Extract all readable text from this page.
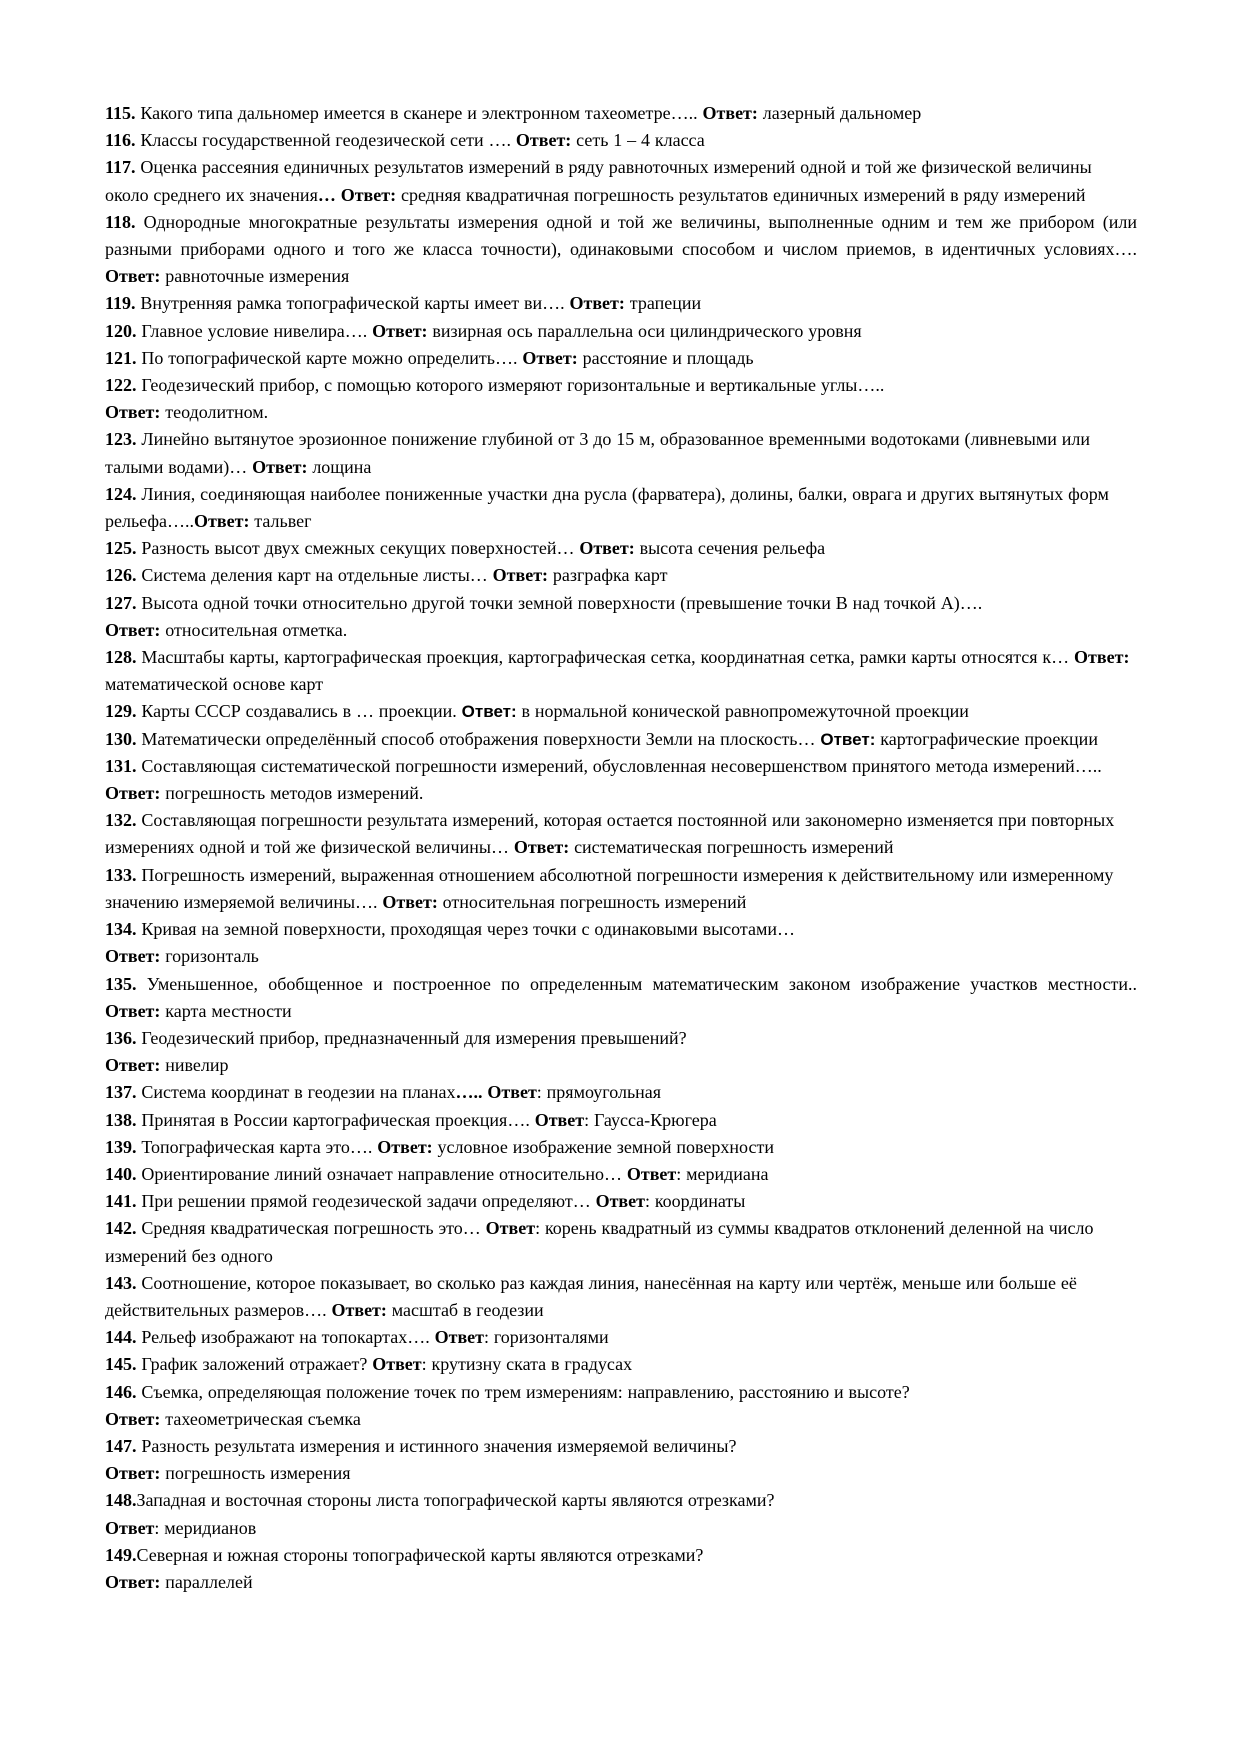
115. Какого типа дальномер имеется в сканере и электронном тахеометре….. Ответ: лазерный дальномер

116. Классы государственной геодезической сети …. Ответ: сеть 1 – 4 класса

117. Оценка рассеяния единичных результатов измерений в ряду равноточных измерений одной и той же физической величины около среднего их значения… Ответ: средняя квадратичная погрешность результатов единичных измерений в ряду измерений

118. Однородные многократные результаты измерения одной и той же величины, выполненные одним и тем же прибором (или разными приборами одного и того же класса точности), одинаковыми способом и числом приемов, в идентичных условиях…. Ответ: равноточные измерения

119. Внутренняя рамка топографической карты имеет ви…. Ответ: трапеции

120. Главное условие нивелира…. Ответ: визирная ось параллельна оси цилиндрического уровня

121. По топографической карте можно определить…. Ответ: расстояние и площадь

122. Геодезический прибор, с помощью которого измеряют горизонтальные и вертикальные углы…..
Ответ: теодолитном.

123. Линейно вытянутое эрозионное понижение глубиной от 3 до 15 м, образованное временными водотоками (ливневыми или талыми водами)… Ответ: лощина

124. Линия, соединяющая наиболее пониженные участки дна русла (фарватера), долины, балки, оврага и других вытянутых форм рельефа…..Ответ: тальвег

125. Разность высот двух смежных секущих поверхностей… Ответ: высота сечения рельефа

126. Система деления карт на отдельные листы… Ответ: разграфка карт

127. Высота одной точки относительно другой точки земной поверхности (превышение точки В над точкой А)….
Ответ: относительная отметка.

128. Масштабы карты, картографическая проекция, картографическая сетка, координатная сетка, рамки карты относятся к… Ответ: математической основе карт

129. Карты СССР создавались в … проекции. Ответ: в нормальной конической равнопромежуточной проекции

130. Математически определённый способ отображения поверхности Земли на плоскость… Ответ: картографические проекции

131. Составляющая систематической погрешности измерений, обусловленная несовершенством принятого метода измерений….. Ответ: погрешность методов измерений.

132. Составляющая погрешности результата измерений, которая остается постоянной или закономерно изменяется при повторных измерениях одной и той же физической величины… Ответ: систематическая погрешность измерений

133. Погрешность измерений, выраженная отношением абсолютной погрешности измерения к действительному или измеренному значению измеряемой величины…. Ответ: относительная погрешность измерений

134. Кривая на земной поверхности, проходящая через точки с одинаковыми высотами…
Ответ: горизонталь

135. Уменьшенное, обобщенное и построенное по определенным математическим законом изображение участков местности.. Ответ: карта местности

136. Геодезический прибор, предназначенный для измерения превышений?
Ответ: нивелир

137. Система координат в геодезии на планах….. Ответ: прямоугольная

138. Принятая в России картографическая проекция…. Ответ: Гаусса-Крюгера

139. Топографическая карта это…. Ответ: условное изображение земной поверхности

140. Ориентирование линий означает направление относительно… Ответ: меридиана

141. При решении прямой геодезической задачи определяют… Ответ: координаты

142. Средняя квадратическая погрешность это… Ответ: корень квадратный из суммы квадратов отклонений деленной на число измерений без одного

143. Соотношение, которое показывает, во сколько раз каждая линия, нанесённая на карту или чертёж, меньше или больше её действительных размеров…. Ответ: масштаб в геодезии

144. Рельеф изображают на топокартах…. Ответ: горизонталями

145. График заложений отражает? Ответ: крутизну ската в градусах

146. Съемка, определяющая положение точек по трем измерениям: направлению, расстоянию и высоте?
Ответ: тахеометрическая съемка

147. Разность результата измерения и истинного значения измеряемой величины?
Ответ: погрешность измерения

148.Западная и восточная стороны листа топографической карты являются отрезками?
Ответ: меридианов

149.Северная и южная стороны топографической карты являются отрезками?
Ответ: параллелей
